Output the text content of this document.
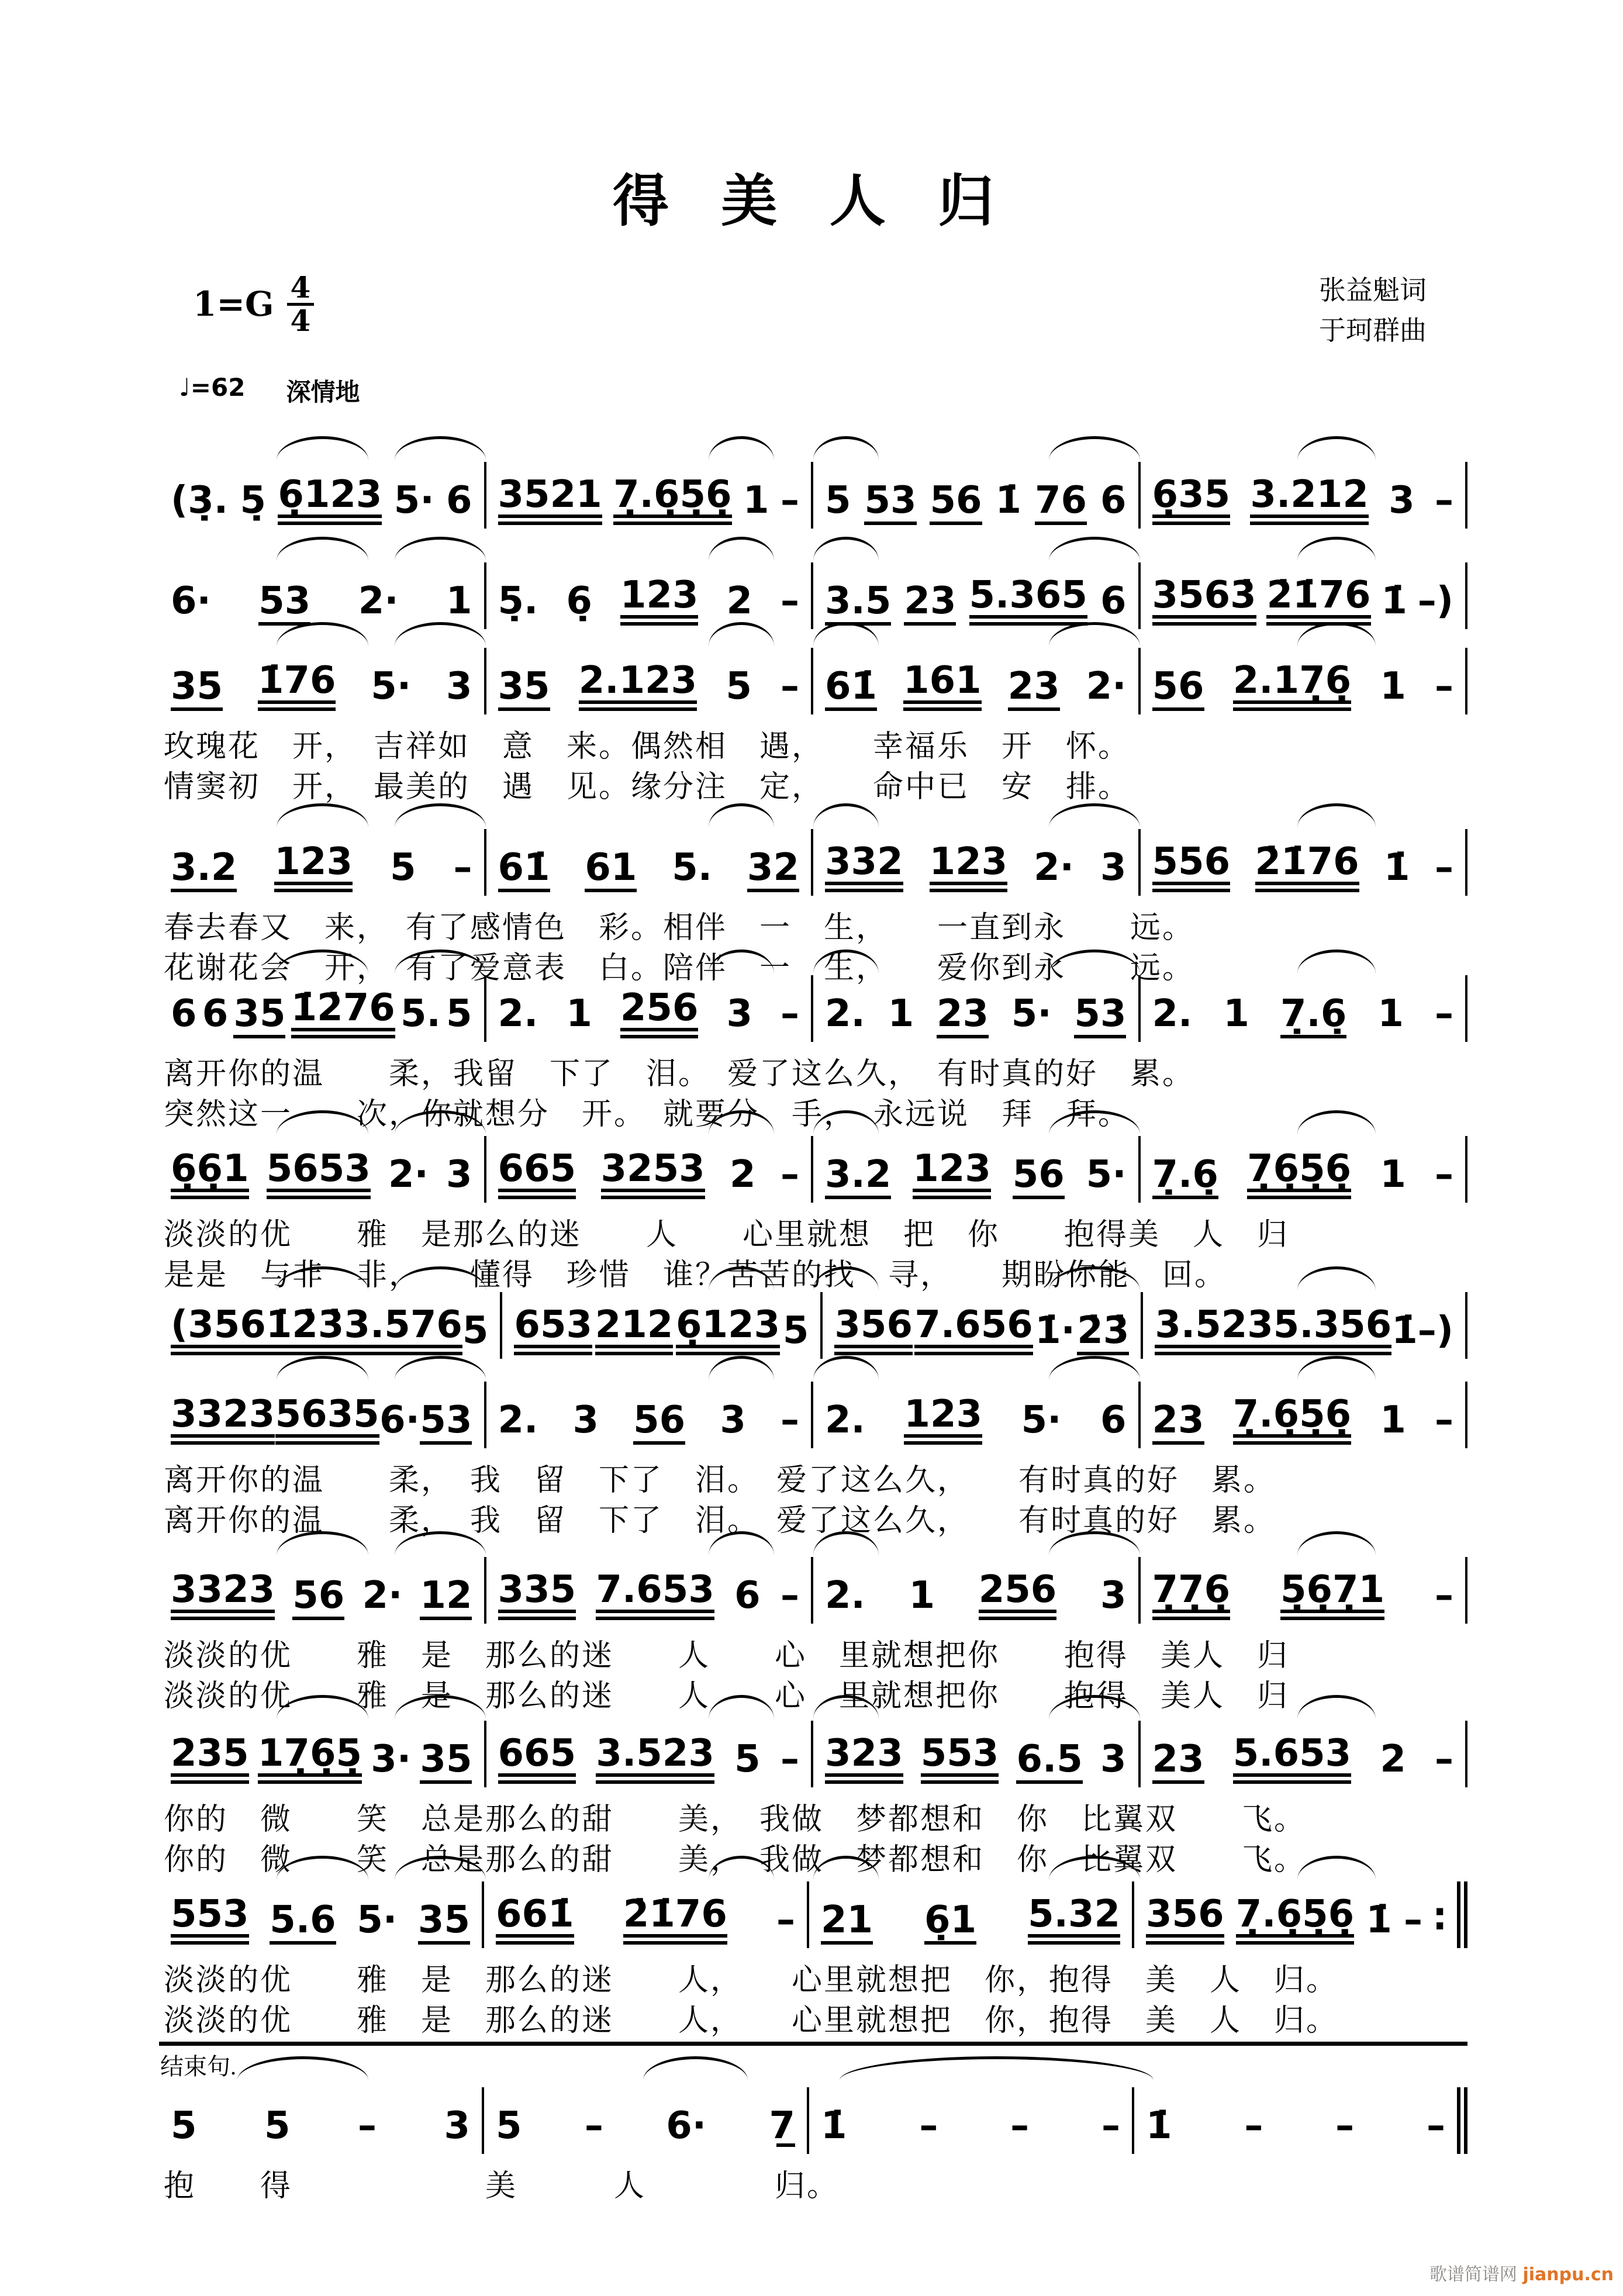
得 美 人 归
$1=G \frac{4}{4}$	张益魁词
于珂群曲
♩=62 深情地
(3̣. 5̣ 6̣123 5· 6 3521 7̣.6̣5̣6̣ 1 – 5 53 56 1̇ 76 6 6̣35 3.212 3 –
6· 53 2· 1 5̣. 6̣ 123 2 – 3.5 23 5.365 6 3563̇ 2̇1̇76 1̇ –)
35 1̇76 5· 3 35 2.123 5 – 61̇ 161 23 2· 56 2.17̣6̣ 1 –
玫瑰花　开，　吉祥如　意　来。偶然相　遇，　　幸福乐　开　怀。
情窦初　开，　最美的　遇　见。缘分注　定，　　命中已　安　排。
3.2 123 5 – 61̇ 61 5. 32 332 123 2· 3 556 2̇1̇76 1̇ –
春去春又　来，　有了感情色　彩。相伴　一　生，　　一直到永　　远。
花谢花会　开，　有了爱意表　白。陪伴　一　生，　　爱你到永　　远。
6 6 35 1̇2̇76 5. 5 2. 1 256 3 – 2. 1 23 5· 53 2. 1 7̣.6̣ 1 –
离开你的温　　柔，我留　下了　泪。　爱了这么久，　有时真的好　累。
突然这一　　次，你就想分　开。　就要分　手，　永远说　拜　拜。
6̣6̣1 5653 2· 3 665 3253 2 – 3.2 123 56 5· 7̣.6̣ 7̣6̣5̣6̣ 1 –
淡淡的优　　雅　是那么的迷　　人　　心里就想　把　你　　抱得美　人　归
是是　与非　非，　　懂得　珍惜　谁？苦苦的找　寻，　　期盼你能　回。
(356 1̇2̇3̇ 3.576 5 653 212 6̣123 5 356 7.656 1̇· 2̇3̇ 3.523 5.356 1̇ –)
3323 5635 6· 53 2. 3 56 3 – 2. 123 5· 6 23 7̣.6̣5̣6̣ 1 –
离开你的温　　柔，　我　留　下了　泪。　爱了这么久，　　有时真的好　累。
离开你的温　　柔，　我　留　下了　泪。　爱了这么久，　　有时真的好　累。
3323 56 2· 12 335 7.653 6 – 2. 1 256 3 7̣7̣6̣ 5̣6̣7̣1 –
淡淡的优　　雅　是　那么的迷　　人　　心　里就想把你　　抱得　美人　归
淡淡的优　　雅　是　那么的迷　　人　　心　里就想把你　　抱得　美人　归
235 17̣6̣5̣ 3· 35 665 3.523 5 – 323 553 6.5 3 23 5.653 2 –
你的　微　　笑　总是那么的甜　　美，　我做　梦都想和　你　比翼双　　飞。
你的　微　　笑　总是那么的甜　　美，　我做　梦都想和　你　比翼双　　飞。
553 5.6 5· 35 661̇ 2̇1̇76 – 21 6̣1 5.32 356 7̣.6̣5̣6̣ 1̇ – ∶
淡淡的优　　雅　是　那么的迷　　人，　　心里就想把　你，抱得　美　人　归。
淡淡的优　　雅　是　那么的迷　　人，　　心里就想把　你，抱得　美　人　归。
结束句.
5 5 – 3 5 – 6· 7̲ 1̇ – – – 1̇ – – –
抱　　得　　　　　　美　　　人　　　　归。
歌谱简谱网 jianpu.cn
